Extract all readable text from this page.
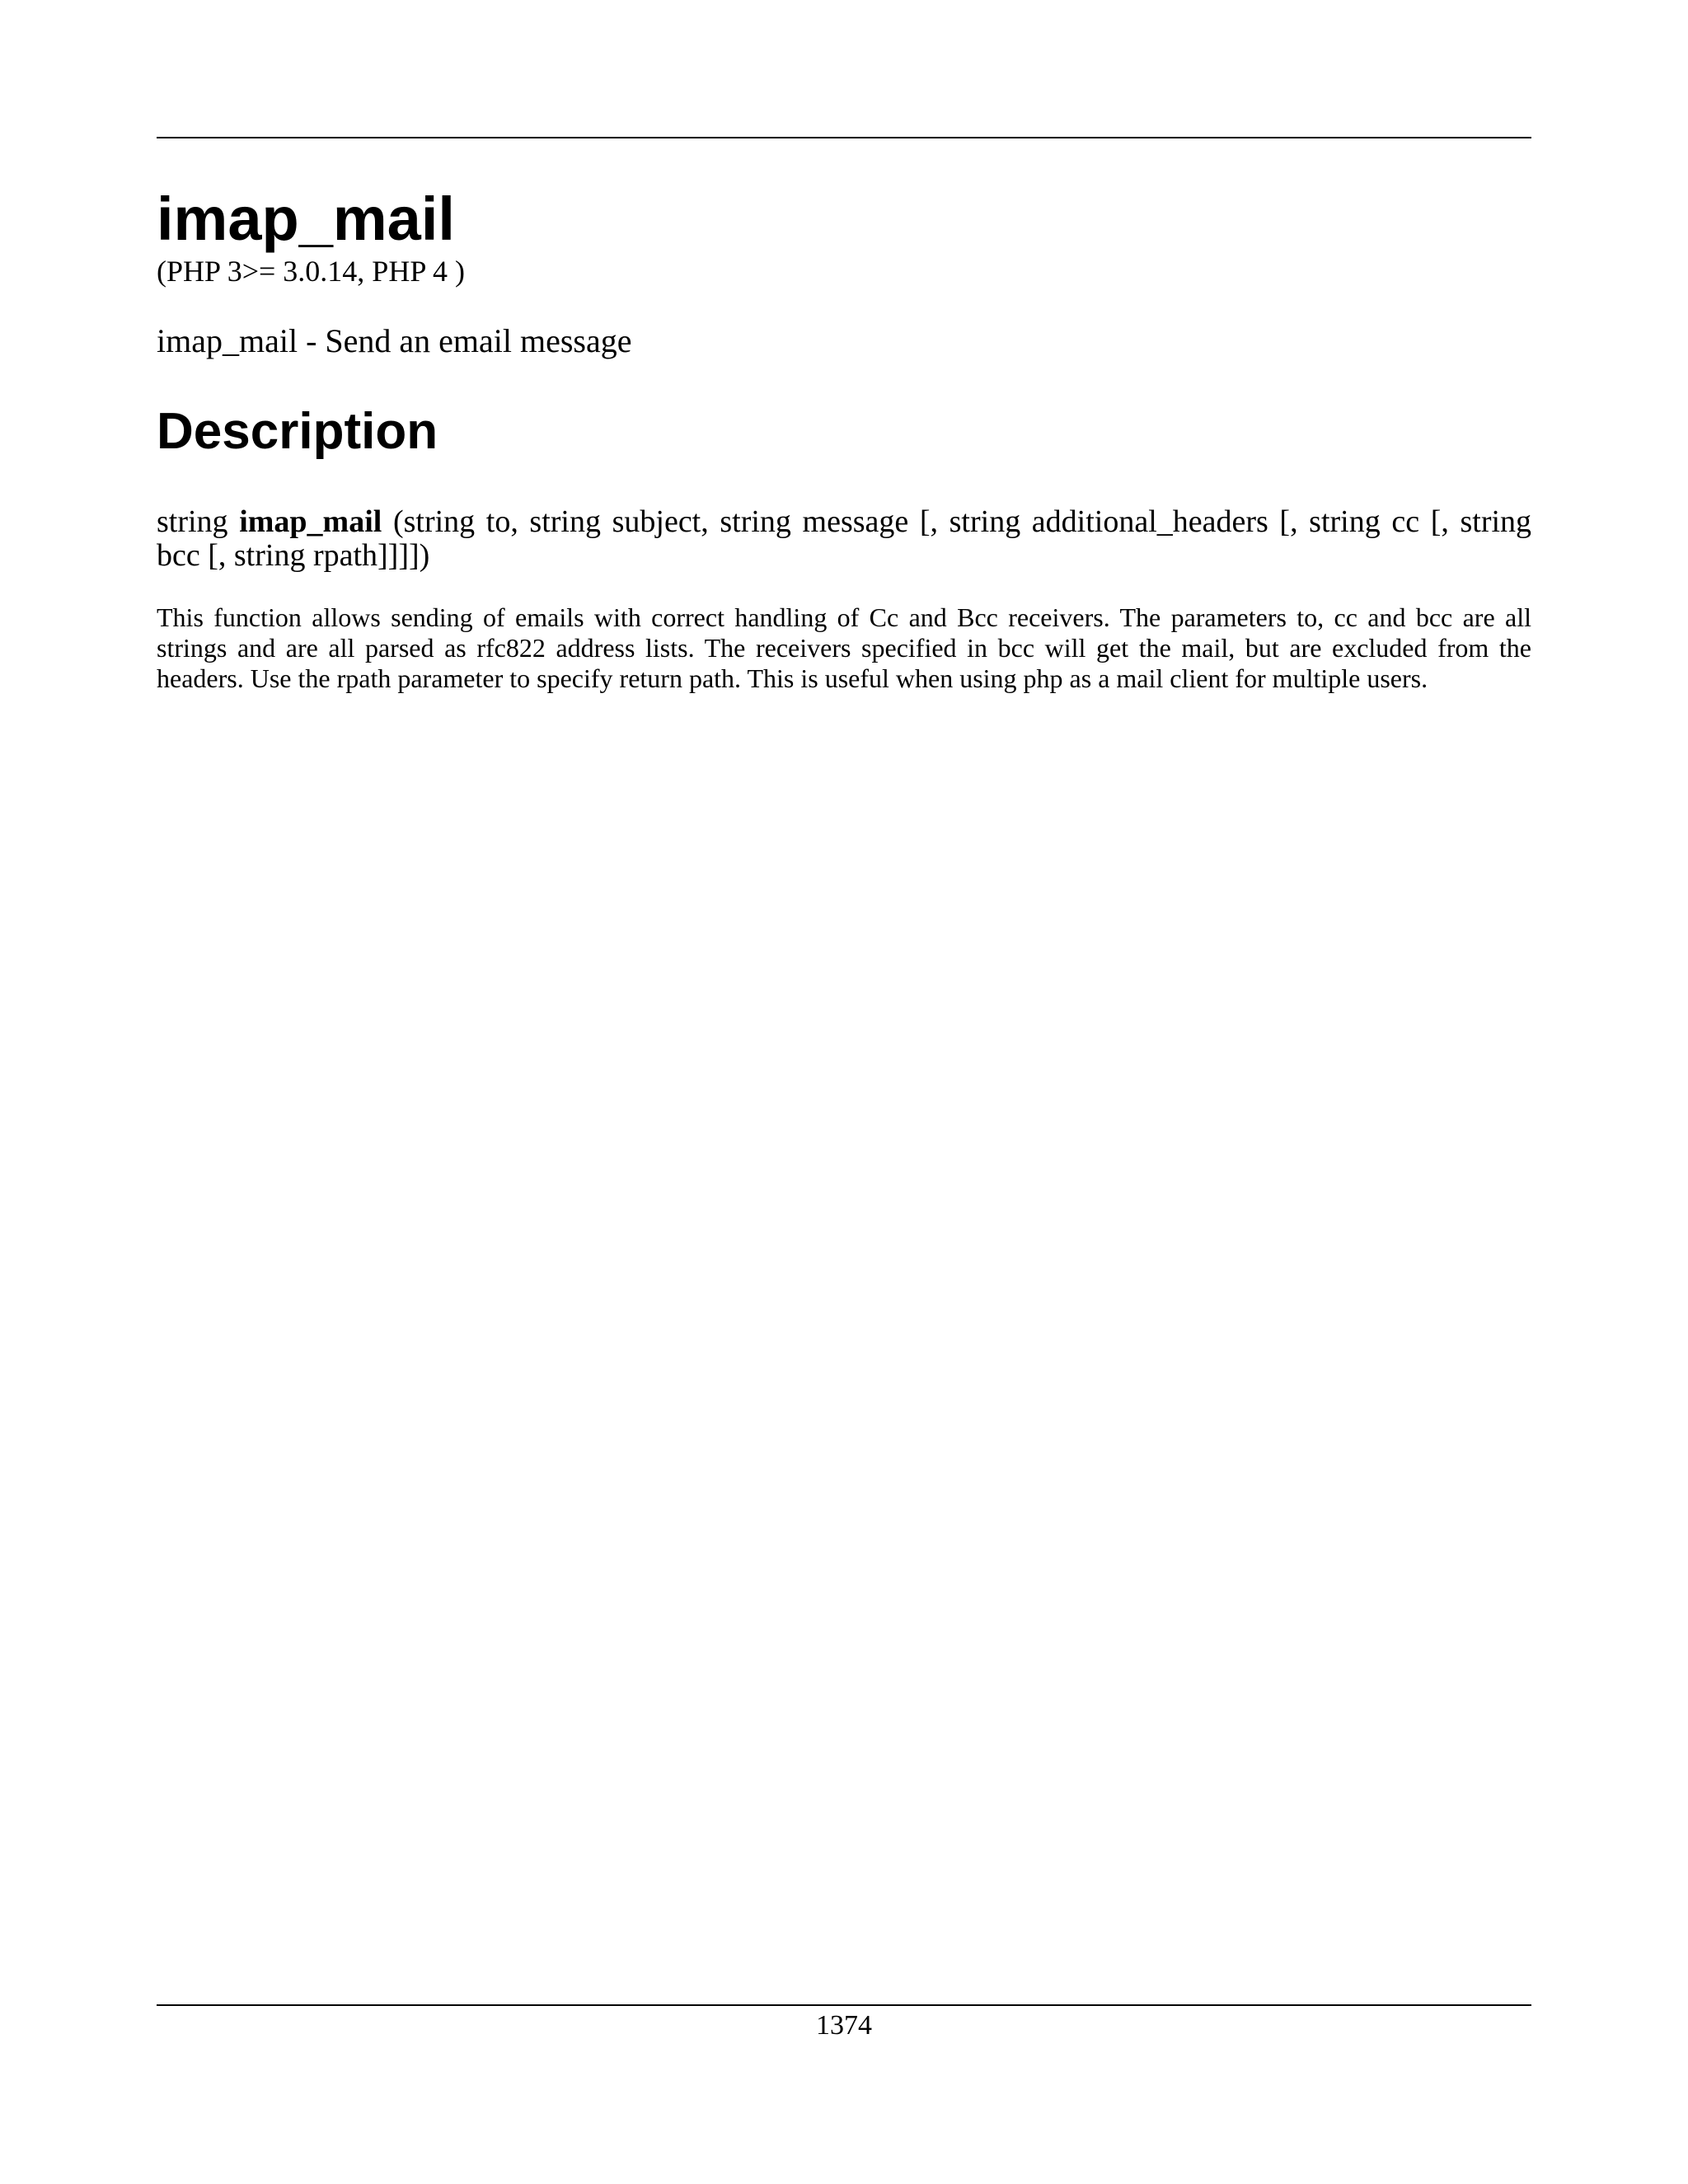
imap_mail
(PHP 3>= 3.0.14, PHP 4 )
imap_mail - Send an email message
Description
string imap_mail (string to, string subject, string message [, string additional_headers [, string cc [, string bcc [, string rpath]]]])
This function allows sending of emails with correct handling of Cc and Bcc receivers. The parameters to, cc and bcc are all strings and are all parsed as rfc822 address lists. The receivers specified in bcc will get the mail, but are excluded from the headers. Use the rpath parameter to specify return path. This is useful when using php as a mail client for multiple users.
1374
